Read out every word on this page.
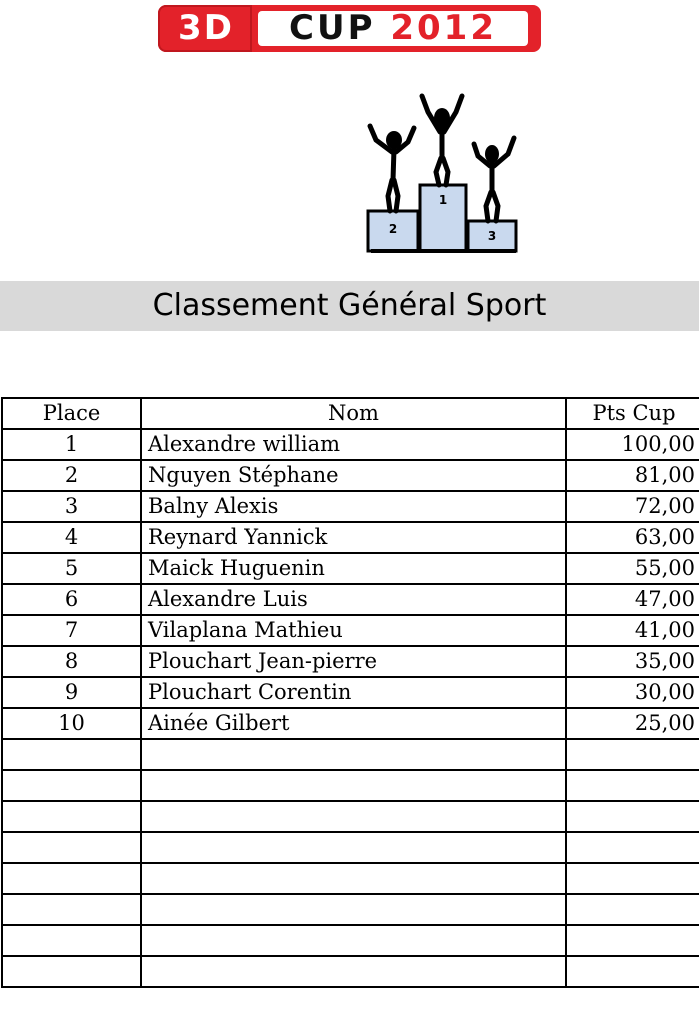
3D	CUP 2012
2
1
3
Classement Général Sport
Place	Nom	Pts Cup
1	Alexandre william	100,00
2	Nguyen Stéphane	81,00
3	Balny Alexis	72,00
4	Reynard Yannick	63,00
5	Maick Huguenin	55,00
6	Alexandre Luis	47,00
7	Vilaplana Mathieu	41,00
8	Plouchart Jean-pierre	35,00
9	Plouchart Corentin	30,00
10	Ainée Gilbert	25,00
